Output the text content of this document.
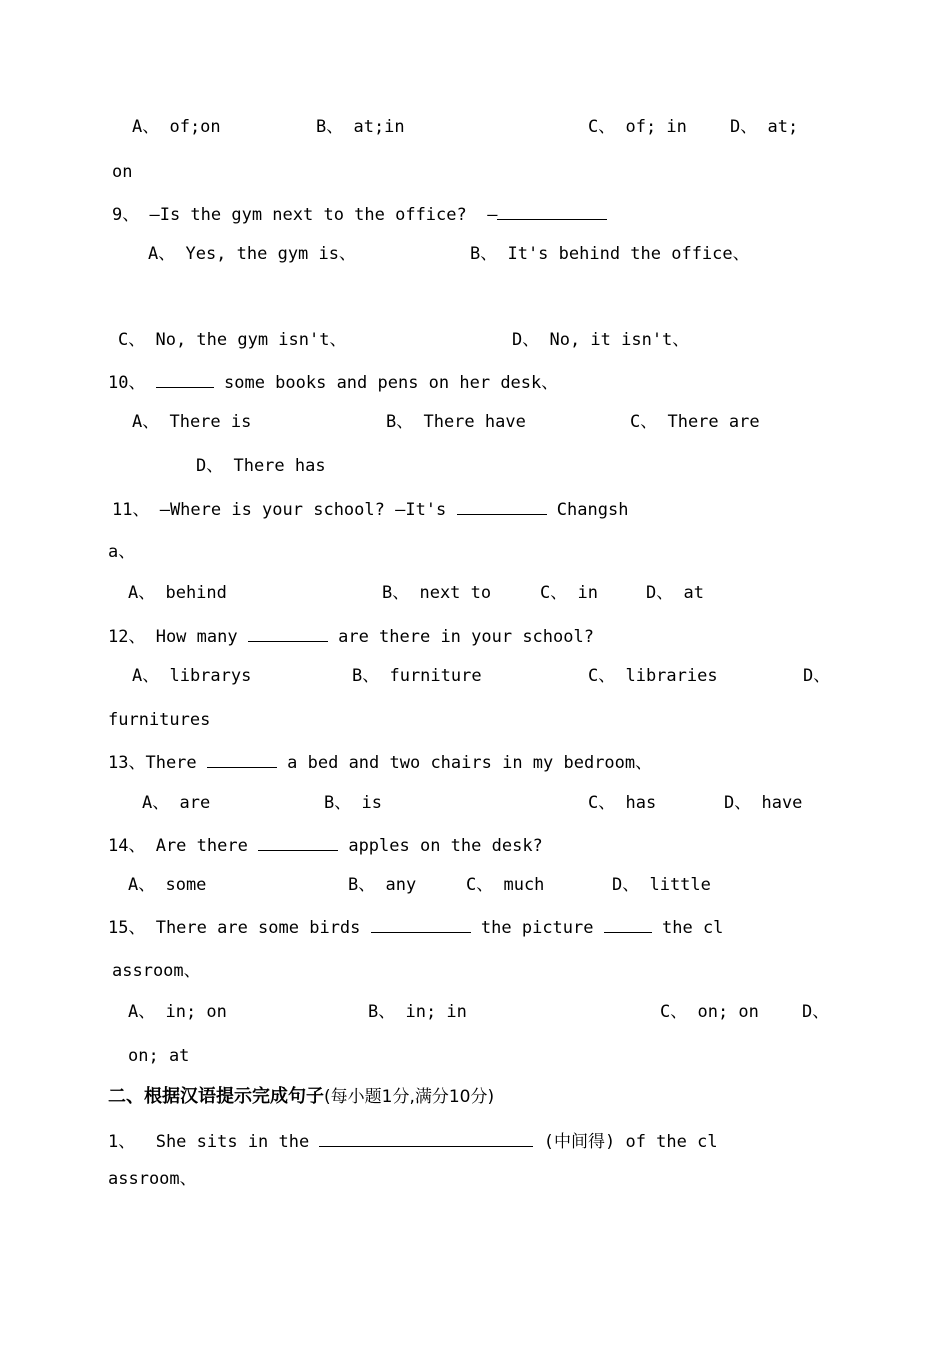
A、 of;on	B、 at;in	C、 of; in	D、 at;
on
9、 —Is the gym next to the office?  —
A、 Yes, the gym is、	B、 It's behind the office、
C、 No, the gym isn't、	D、 No, it isn't、
10、	some books and pens on her desk、
A、 There is	B、 There have	C、 There are
D、 There has
11、 —Where is your school? —It's	Changsh
a、
A、 behind	B、 next to	C、 in	D、 at
12、 How many	are there in your school?
A、 librarys	B、 furniture	C、 libraries	D、
furnitures
13、There	a bed and two chairs in my bedroom、
A、 are	B、 is	C、 has	D、 have
14、 Are there	apples on the desk?
A、 some	B、 any	C、 much	D、 little
15、 There are some birds	the picture	the cl
assroom、
A、 in; on	B、 in; in	C、 on; on	D、
on; at
二、根据汉语提示完成句子(每小题1分,满分10分)
1、  She sits in the	(中间得) of the cl
assroom、
